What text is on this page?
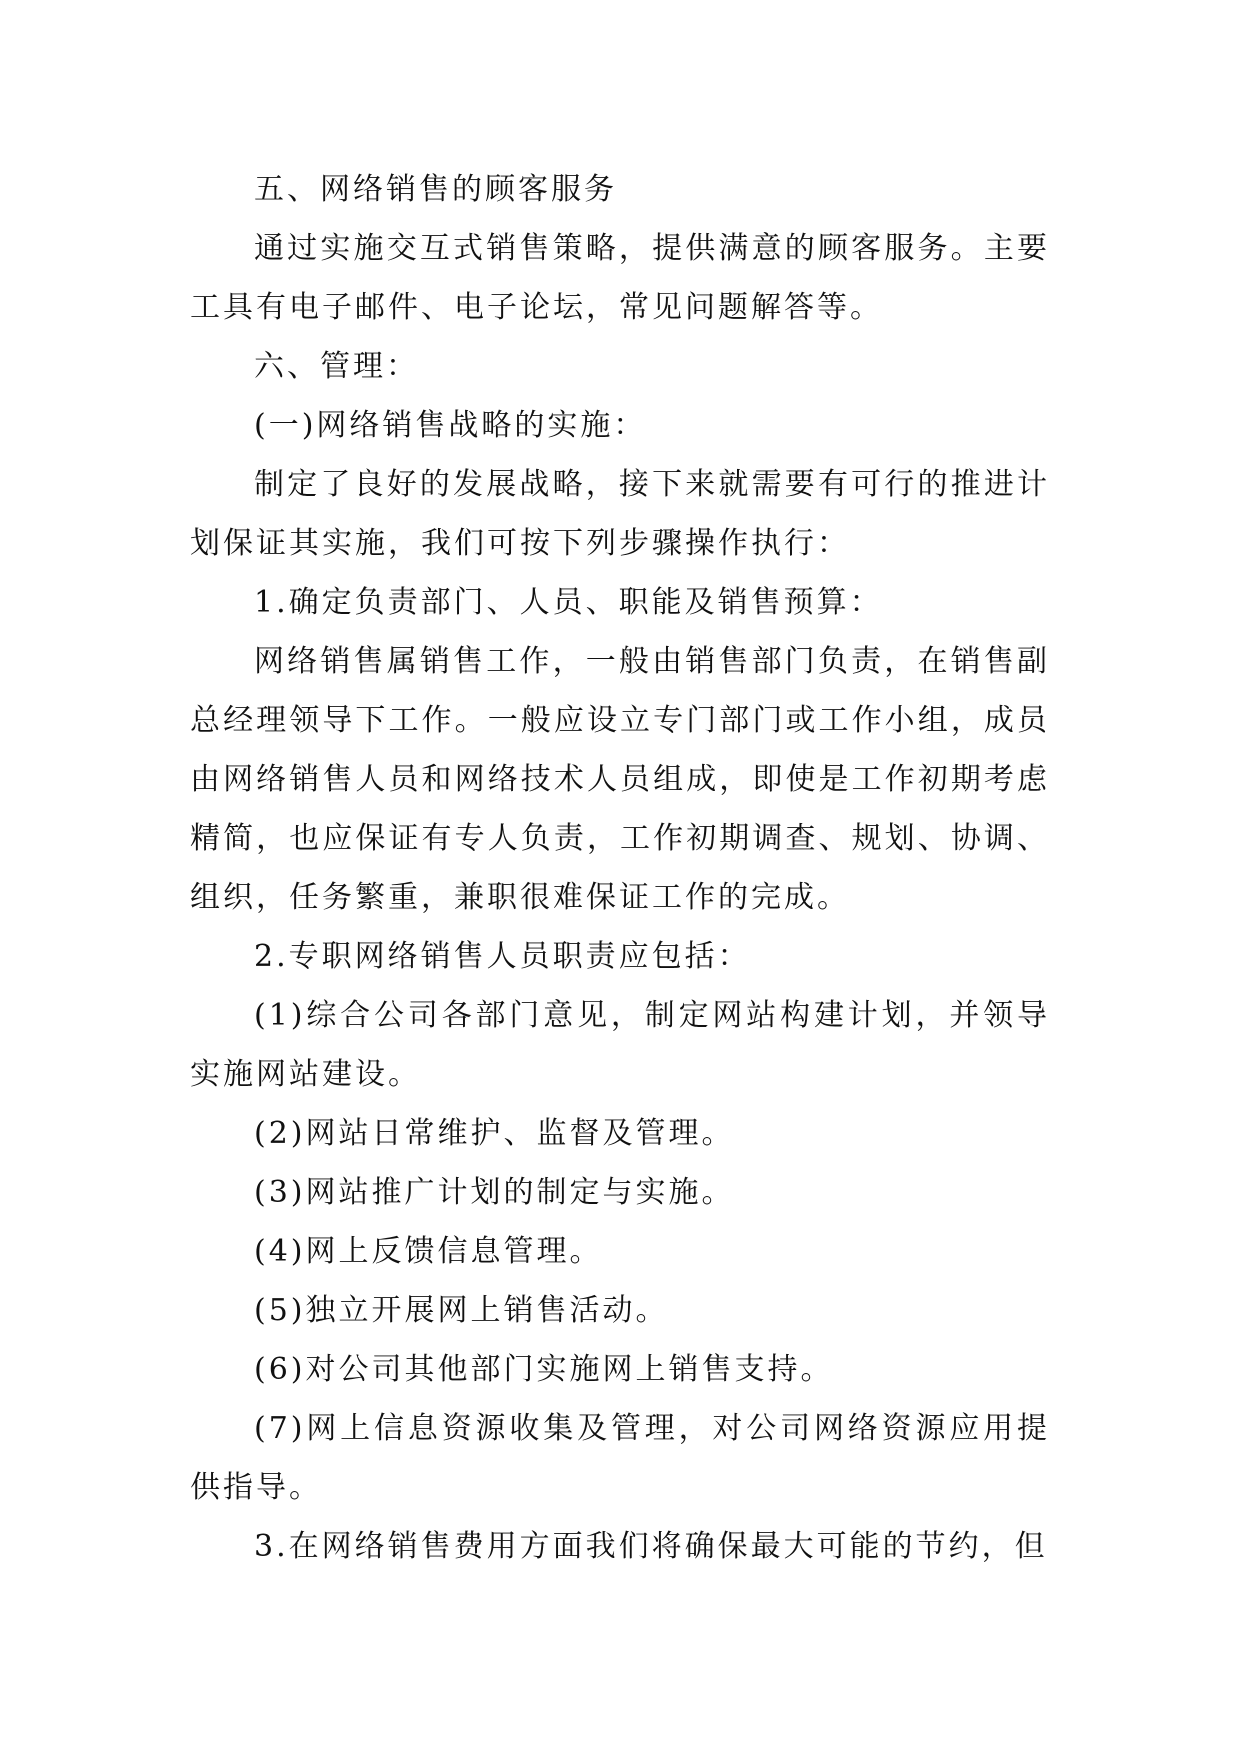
五、网络销售的顾客服务

通过实施交互式销售策略，提供满意的顾客服务。主要工具有电子邮件、电子论坛，常见问题解答等。

六、管理：

(一)网络销售战略的实施：

制定了良好的发展战略，接下来就需要有可行的推进计划保证其实施，我们可按下列步骤操作执行：

1.确定负责部门、人员、职能及销售预算：

网络销售属销售工作，一般由销售部门负责，在销售副总经理领导下工作。一般应设立专门部门或工作小组，成员由网络销售人员和网络技术人员组成，即使是工作初期考虑精简，也应保证有专人负责，工作初期调查、规划、协调、组织，任务繁重，兼职很难保证工作的完成。

2.专职网络销售人员职责应包括：

(1)综合公司各部门意见，制定网站构建计划，并领导实施网站建设。

(2)网站日常维护、监督及管理。

(3)网站推广计划的制定与实施。

(4)网上反馈信息管理。

(5)独立开展网上销售活动。

(6)对公司其他部门实施网上销售支持。

(7)网上信息资源收集及管理，对公司网络资源应用提供指导。

3.在网络销售费用方面我们将确保最大可能的节约，但
